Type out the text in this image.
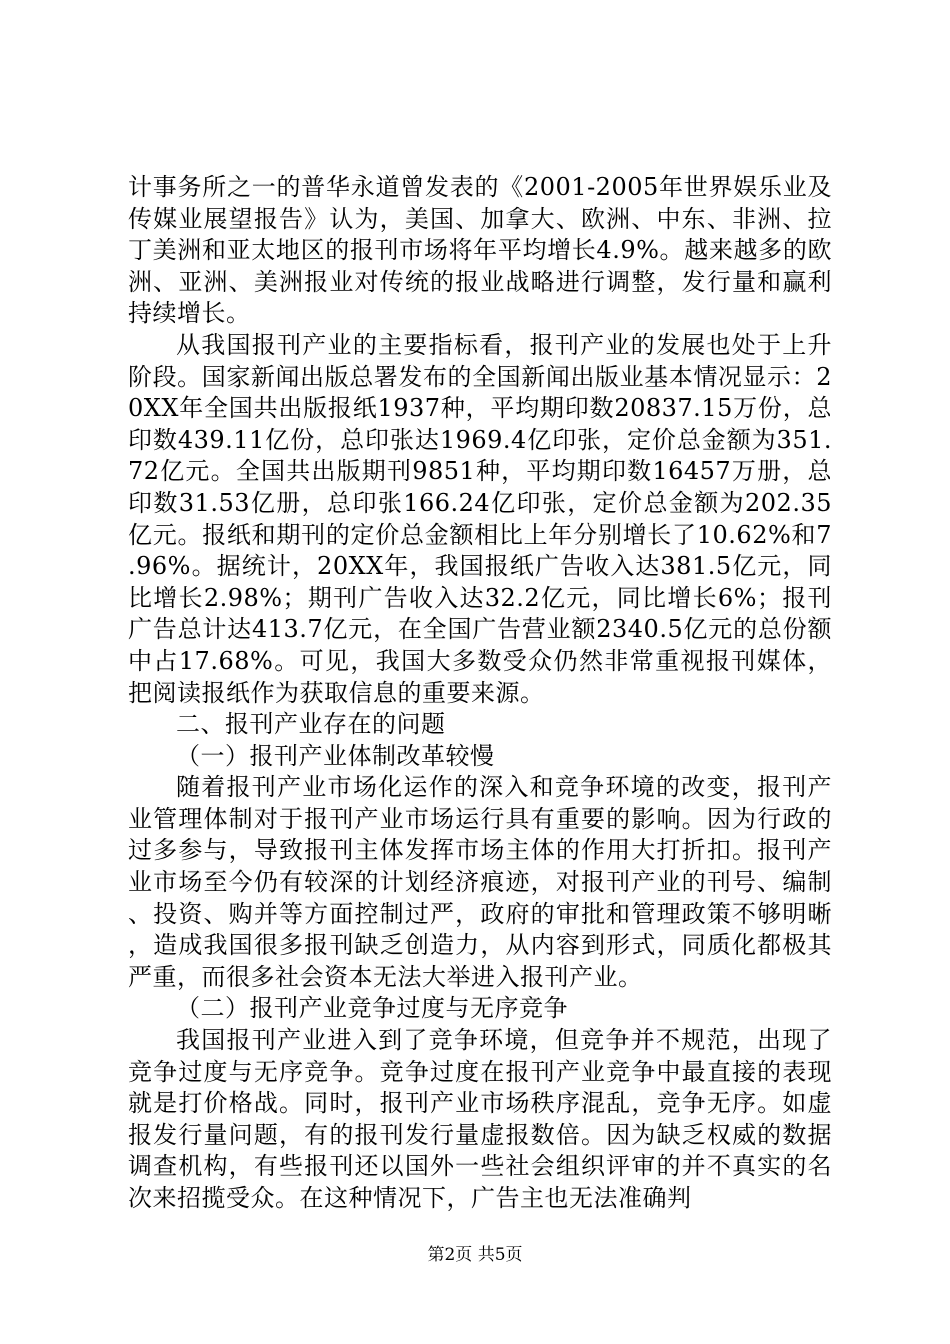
计事务所之一的普华永道曾发表的《2001-2005年世界娱乐业及传媒业展望报告》认为，美国、加拿大、欧洲、中东、非洲、拉丁美洲和亚太地区的报刊市场将年平均增长4.9%。越来越多的欧洲、亚洲、美洲报业对传统的报业战略进行调整，发行量和赢利持续增长。

从我国报刊产业的主要指标看，报刊产业的发展也处于上升阶段。国家新闻出版总署发布的全国新闻出版业基本情况显示：20XX年全国共出版报纸1937种，平均期印数20837.15万份，总印数439.11亿份，总印张达1969.4亿印张，定价总金额为351.72亿元。全国共出版期刊9851种，平均期印数16457万册，总印数31.53亿册，总印张166.24亿印张，定价总金额为202.35亿元。报纸和期刊的定价总金额相比上年分别增长了10.62%和7.96%。据统计，20XX年，我国报纸广告收入达381.5亿元，同比增长2.98%；期刊广告收入达32.2亿元，同比增长6%；报刊广告总计达413.7亿元，在全国广告营业额2340.5亿元的总份额中占17.68%。可见，我国大多数受众仍然非常重视报刊媒体，把阅读报纸作为获取信息的重要来源。

二、报刊产业存在的问题

（一）报刊产业体制改革较慢

随着报刊产业市场化运作的深入和竞争环境的改变，报刊产业管理体制对于报刊产业市场运行具有重要的影响。因为行政的过多参与，导致报刊主体发挥市场主体的作用大打折扣。报刊产业市场至今仍有较深的计划经济痕迹，对报刊产业的刊号、编制、投资、购并等方面控制过严，政府的审批和管理政策不够明晰，造成我国很多报刊缺乏创造力，从内容到形式，同质化都极其严重，而很多社会资本无法大举进入报刊产业。

（二）报刊产业竞争过度与无序竞争

我国报刊产业进入到了竞争环境，但竞争并不规范，出现了竞争过度与无序竞争。竞争过度在报刊产业竞争中最直接的表现就是打价格战。同时，报刊产业市场秩序混乱，竞争无序。如虚报发行量问题，有的报刊发行量虚报数倍。因为缺乏权威的数据调查机构，有些报刊还以国外一些社会组织评审的并不真实的名次来招揽受众。在这种情况下，广告主也无法准确判

第2页 共5页
